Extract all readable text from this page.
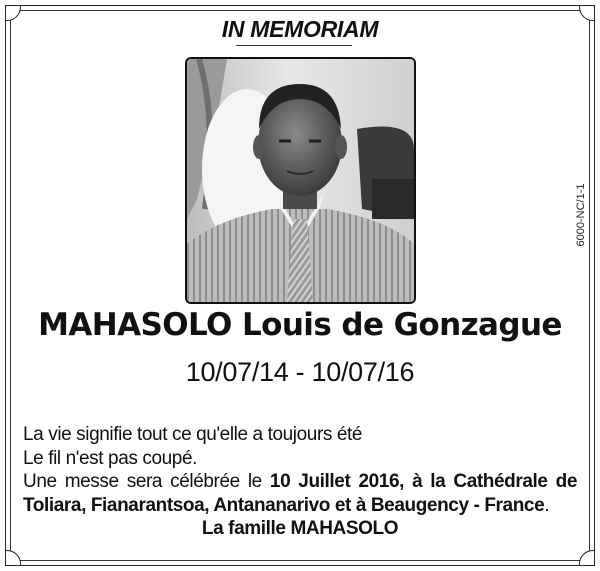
IN MEMORIAM
6000-NC/1-1
MAHASOLO Louis de Gonzague
10/07/14 - 10/07/16
La vie signifie tout ce qu'elle a toujours été
Le fil n'est pas coupé.
Une messe sera célébrée le 10 Juillet 2016, à la Cathédrale de
Toliara, Fianarantsoa, Antananarivo et à Beaugency - France.
La famille MAHASOLO
